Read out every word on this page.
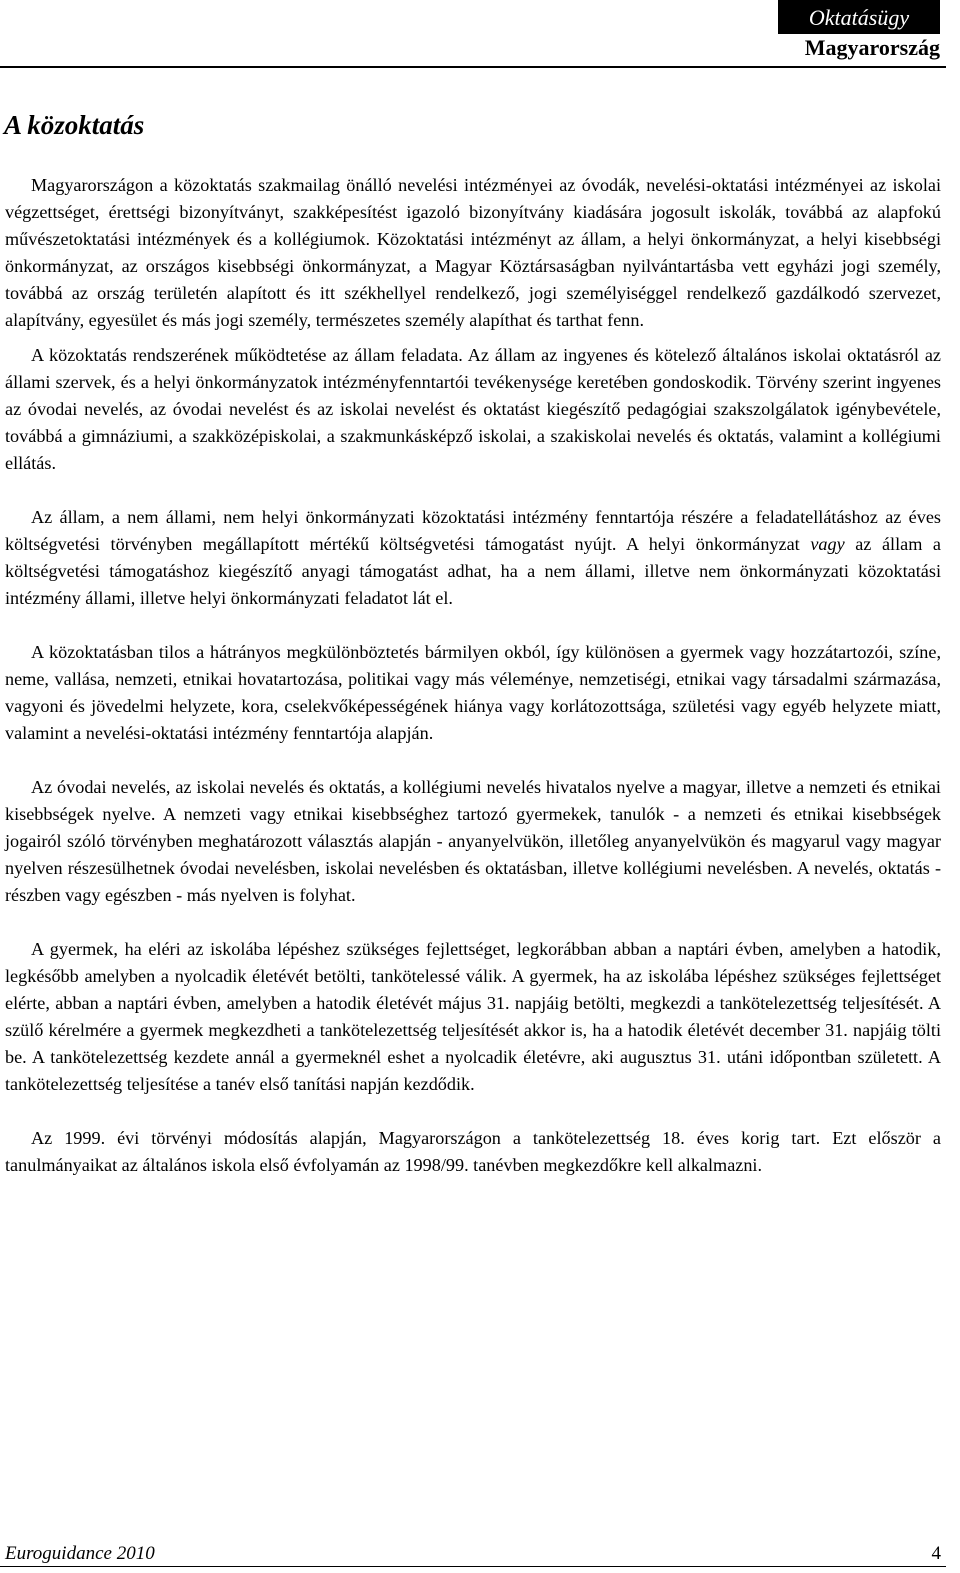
Oktatásügy
Magyarország
A közoktatás

Magyarországon a közoktatás szakmailag önálló nevelési intézményei az óvodák, nevelési-oktatási intézményei az iskolai végzettséget, érettségi bizonyítványt, szakképesítést igazoló bizonyítvány kiadására jogosult iskolák, továbbá az alapfokú művészetoktatási intézmények és a kollégiumok. Közoktatási intézményt az állam, a helyi önkormányzat, a helyi kisebbségi önkormányzat, az országos kisebbségi önkormányzat, a Magyar Köztársaságban nyilvántartásba vett egyházi jogi személy, továbbá az ország területén alapított és itt székhellyel rendelkező, jogi személyiséggel rendelkező gazdálkodó szervezet, alapítvány, egyesület és más jogi személy, természetes személy alapíthat és tarthat fenn.

A közoktatás rendszerének működtetése az állam feladata. Az állam az ingyenes és kötelező általános iskolai oktatásról az állami szervek, és a helyi önkormányzatok intézményfenntartói tevékenysége keretében gondoskodik. Törvény szerint ingyenes az óvodai nevelés, az óvodai nevelést és az iskolai nevelést és oktatást kiegészítő pedagógiai szakszolgálatok igénybevétele, továbbá a gimnáziumi, a szakközépiskolai, a szakmunkásképző iskolai, a szakiskolai nevelés és oktatás, valamint a kollégiumi ellátás.

Az állam, a nem állami, nem helyi önkormányzati közoktatási intézmény fenntartója részére a feladatellátáshoz az éves költségvetési törvényben megállapított mértékű költségvetési támogatást nyújt. A helyi önkormányzat vagy az állam a költségvetési támogatáshoz kiegészítő anyagi támogatást adhat, ha a nem állami, illetve nem önkormányzati közoktatási intézmény állami, illetve helyi önkormányzati feladatot lát el.

A közoktatásban tilos a hátrányos megkülönböztetés bármilyen okból, így különösen a gyermek vagy hozzátartozói, színe, neme, vallása, nemzeti, etnikai hovatartozása, politikai vagy más véleménye, nemzetiségi, etnikai vagy társadalmi származása, vagyoni és jövedelmi helyzete, kora, cselekvőképességének hiánya vagy korlátozottsága, születési vagy egyéb helyzete miatt, valamint a nevelési-oktatási intézmény fenntartója alapján.

Az óvodai nevelés, az iskolai nevelés és oktatás, a kollégiumi nevelés hivatalos nyelve a magyar, illetve a nemzeti és etnikai kisebbségek nyelve. A nemzeti vagy etnikai kisebbséghez tartozó gyermekek, tanulók - a nemzeti és etnikai kisebbségek jogairól szóló törvényben meghatározott választás alapján - anyanyelvükön, illetőleg anyanyelvükön és magyarul vagy magyar nyelven részesülhetnek óvodai nevelésben, iskolai nevelésben és oktatásban, illetve kollégiumi nevelésben. A nevelés, oktatás - részben vagy egészben - más nyelven is folyhat.

A gyermek, ha eléri az iskolába lépéshez szükséges fejlettséget, legkorábban abban a naptári évben, amelyben a hatodik, legkésőbb amelyben a nyolcadik életévét betölti, tankötelessé válik. A gyermek, ha az iskolába lépéshez szükséges fejlettséget elérte, abban a naptári évben, amelyben a hatodik életévét május 31. napjáig betölti, megkezdi a tankötelezettség teljesítését. A szülő kérelmére a gyermek megkezdheti a tankötelezettség teljesítését akkor is, ha a hatodik életévét december 31. napjáig tölti be. A tankötelezettség kezdete annál a gyermeknél eshet a nyolcadik életévre, aki augusztus 31. utáni időpontban született. A tankötelezettség teljesítése a tanév első tanítási napján kezdődik.

Az 1999. évi törvényi módosítás alapján, Magyarországon a tankötelezettség 18. éves korig tart. Ezt először a tanulmányaikat az általános iskola első évfolyamán az 1998/99. tanévben megkezdőkre kell alkalmazni.

Euroguidance 2010	4
